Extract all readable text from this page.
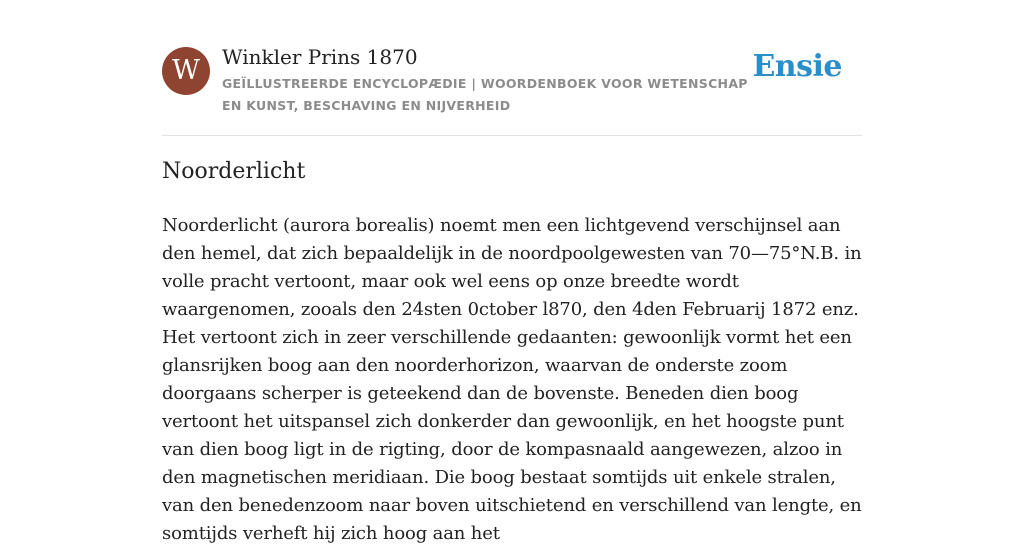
W	Winkler Prins 1870
GEÏLLUSTREERDE ENCYCLOPÆDIE | WOORDENBOEK VOOR WETENSCHAP EN KUNST, BESCHAVING EN NIJVERHEID
Ensie
Noorderlicht

Noorderlicht (aurora borealis) noemt men een lichtgevend verschijnsel aan den hemel, dat zich bepaaldelijk in de noordpoolgewesten van 70—75°N.B. in volle pracht vertoont, maar ook wel eens op onze breedte wordt waargenomen, zooals den 24sten 0ctober l870, den 4den Februarij 1872 enz. Het vertoont zich in zeer verschillende gedaanten: gewoonlijk vormt het een glansrijken boog aan den noorderhorizon, waarvan de onderste zoom doorgaans scherper is geteekend dan de bovenste. Beneden dien boog vertoont het uitspansel zich donkerder dan gewoonlijk, en het hoogste punt van dien boog ligt in de rigting, door de kompasnaald aangewezen, alzoo in den magnetischen meridiaan. Die boog bestaat somtijds uit enkele stralen, van den benedenzoom naar boven uitschietend en verschillend van lengte, en somtijds verheft hij zich hoog aan het
